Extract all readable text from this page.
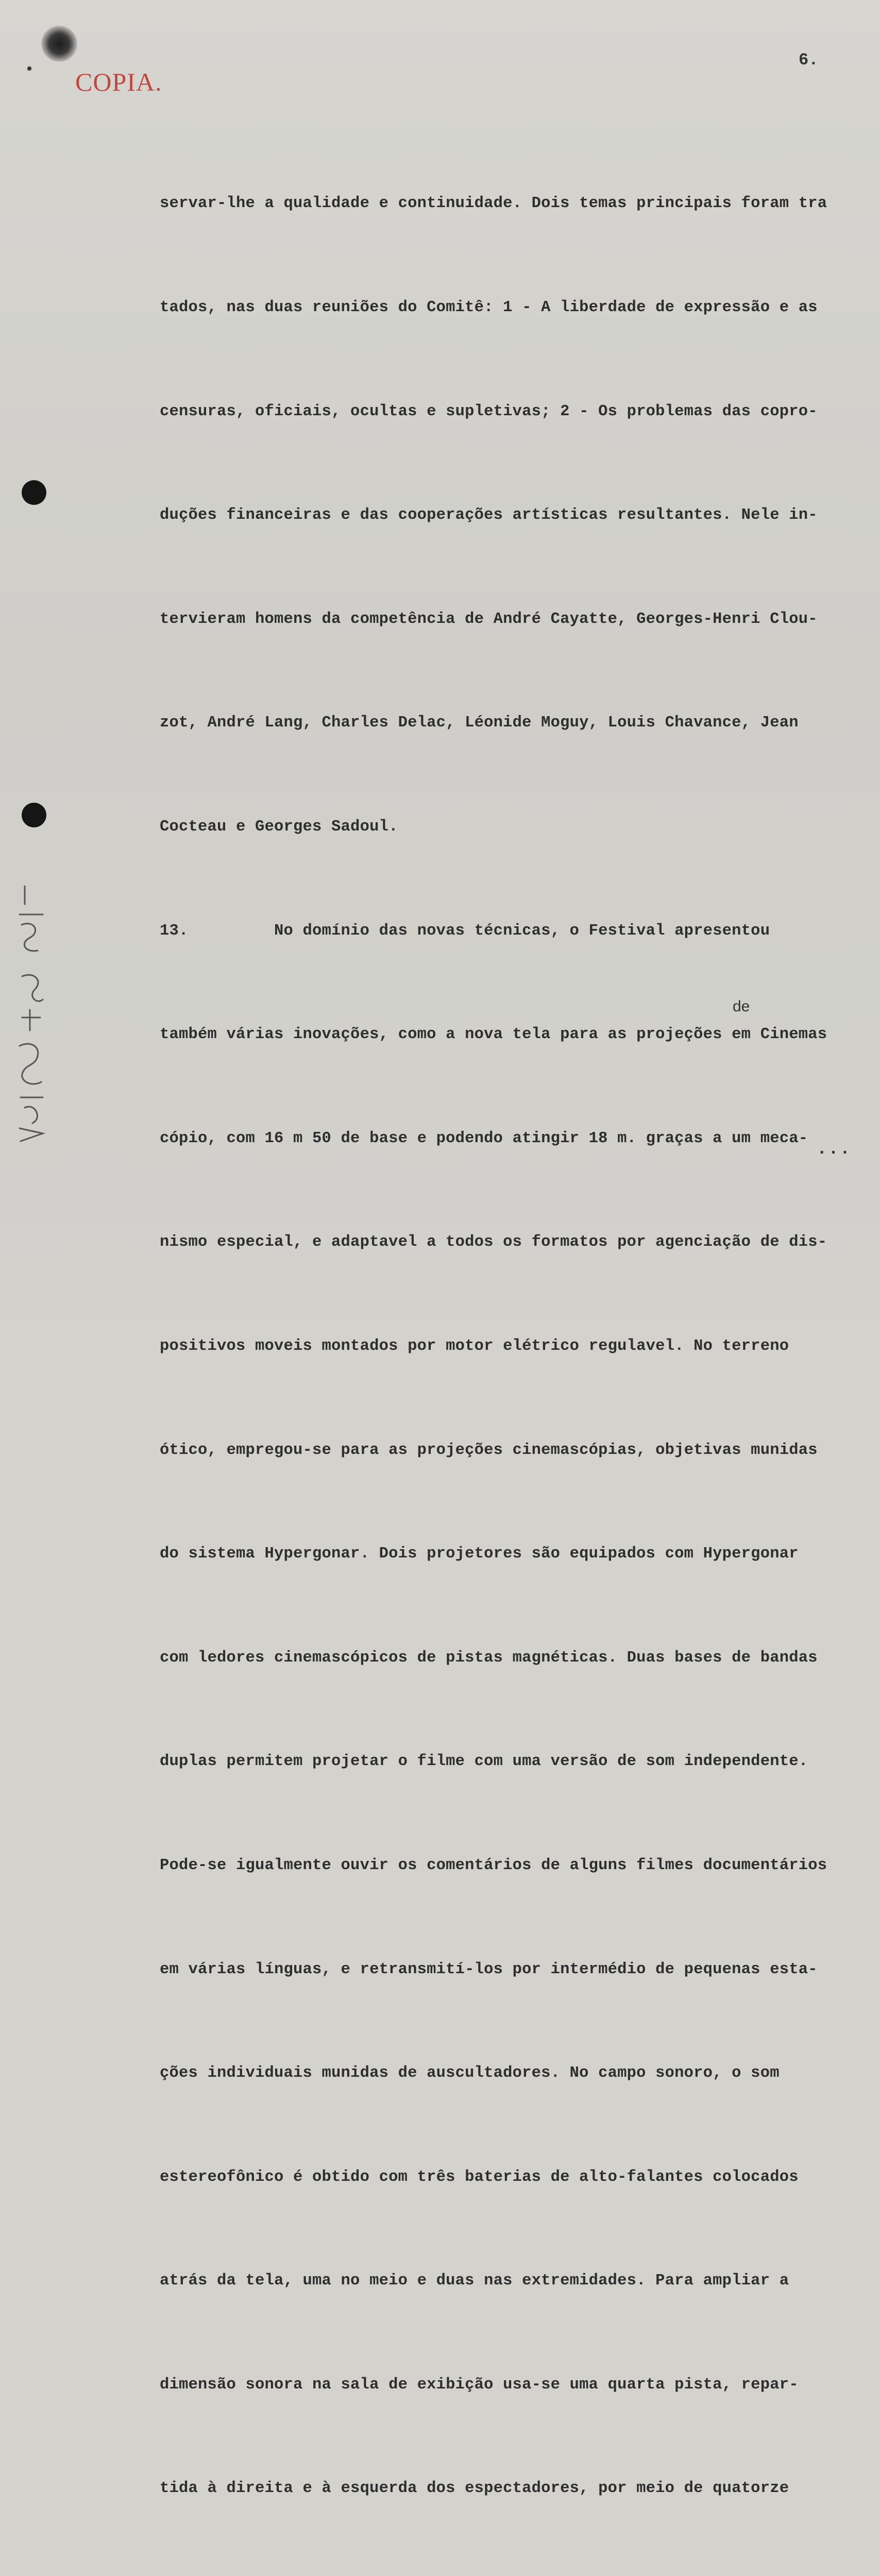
COPIA.
6.

servar-lhe a qualidade e continuidade. Dois temas principais foram tra

tados, nas duas reuniões do Comitê: 1 - A liberdade de expressão e as

censuras, oficiais, ocultas e supletivas; 2 - Os problemas das copro-

duções financeiras e das cooperações artísticas resultantes. Nele in-

tervieram homens da competência de André Cayatte, Georges-Henri Clou-

zot, André Lang, Charles Delac, Léonide Moguy, Louis Chavance, Jean

Cocteau e Georges Sadoul.

13.         No domínio das novas técnicas, o Festival apresentou

também várias inovações, como a nova tela para as projeções em Cinemas

cópio, com 16 m 50 de base e podendo atingir 18 m. graças a um meca-

nismo especial, e adaptavel a todos os formatos por agenciação de dis-

positivos moveis montados por motor elétrico regulavel. No terreno

ótico, empregou-se para as projeções cinemascópias, objetivas munidas

do sistema Hypergonar. Dois projetores são equipados com Hypergonar

com ledores cinemascópicos de pistas magnéticas. Duas bases de bandas

duplas permitem projetar o filme com uma versão de som independente.

Pode-se igualmente ouvir os comentários de alguns filmes documentários

em várias línguas, e retransmití-los por intermédio de pequenas esta-

ções individuais munidas de auscultadores. No campo sonoro, o som

estereofônico é obtido com três baterias de alto-falantes colocados

atrás da tela, uma no meio e duas nas extremidades. Para ampliar a

dimensão sonora na sala de exibição usa-se uma quarta pista, repar-

tida à direita e à esquerda dos espectadores, por meio de quatorze

de
...
VMJpi 1.82 -16-
